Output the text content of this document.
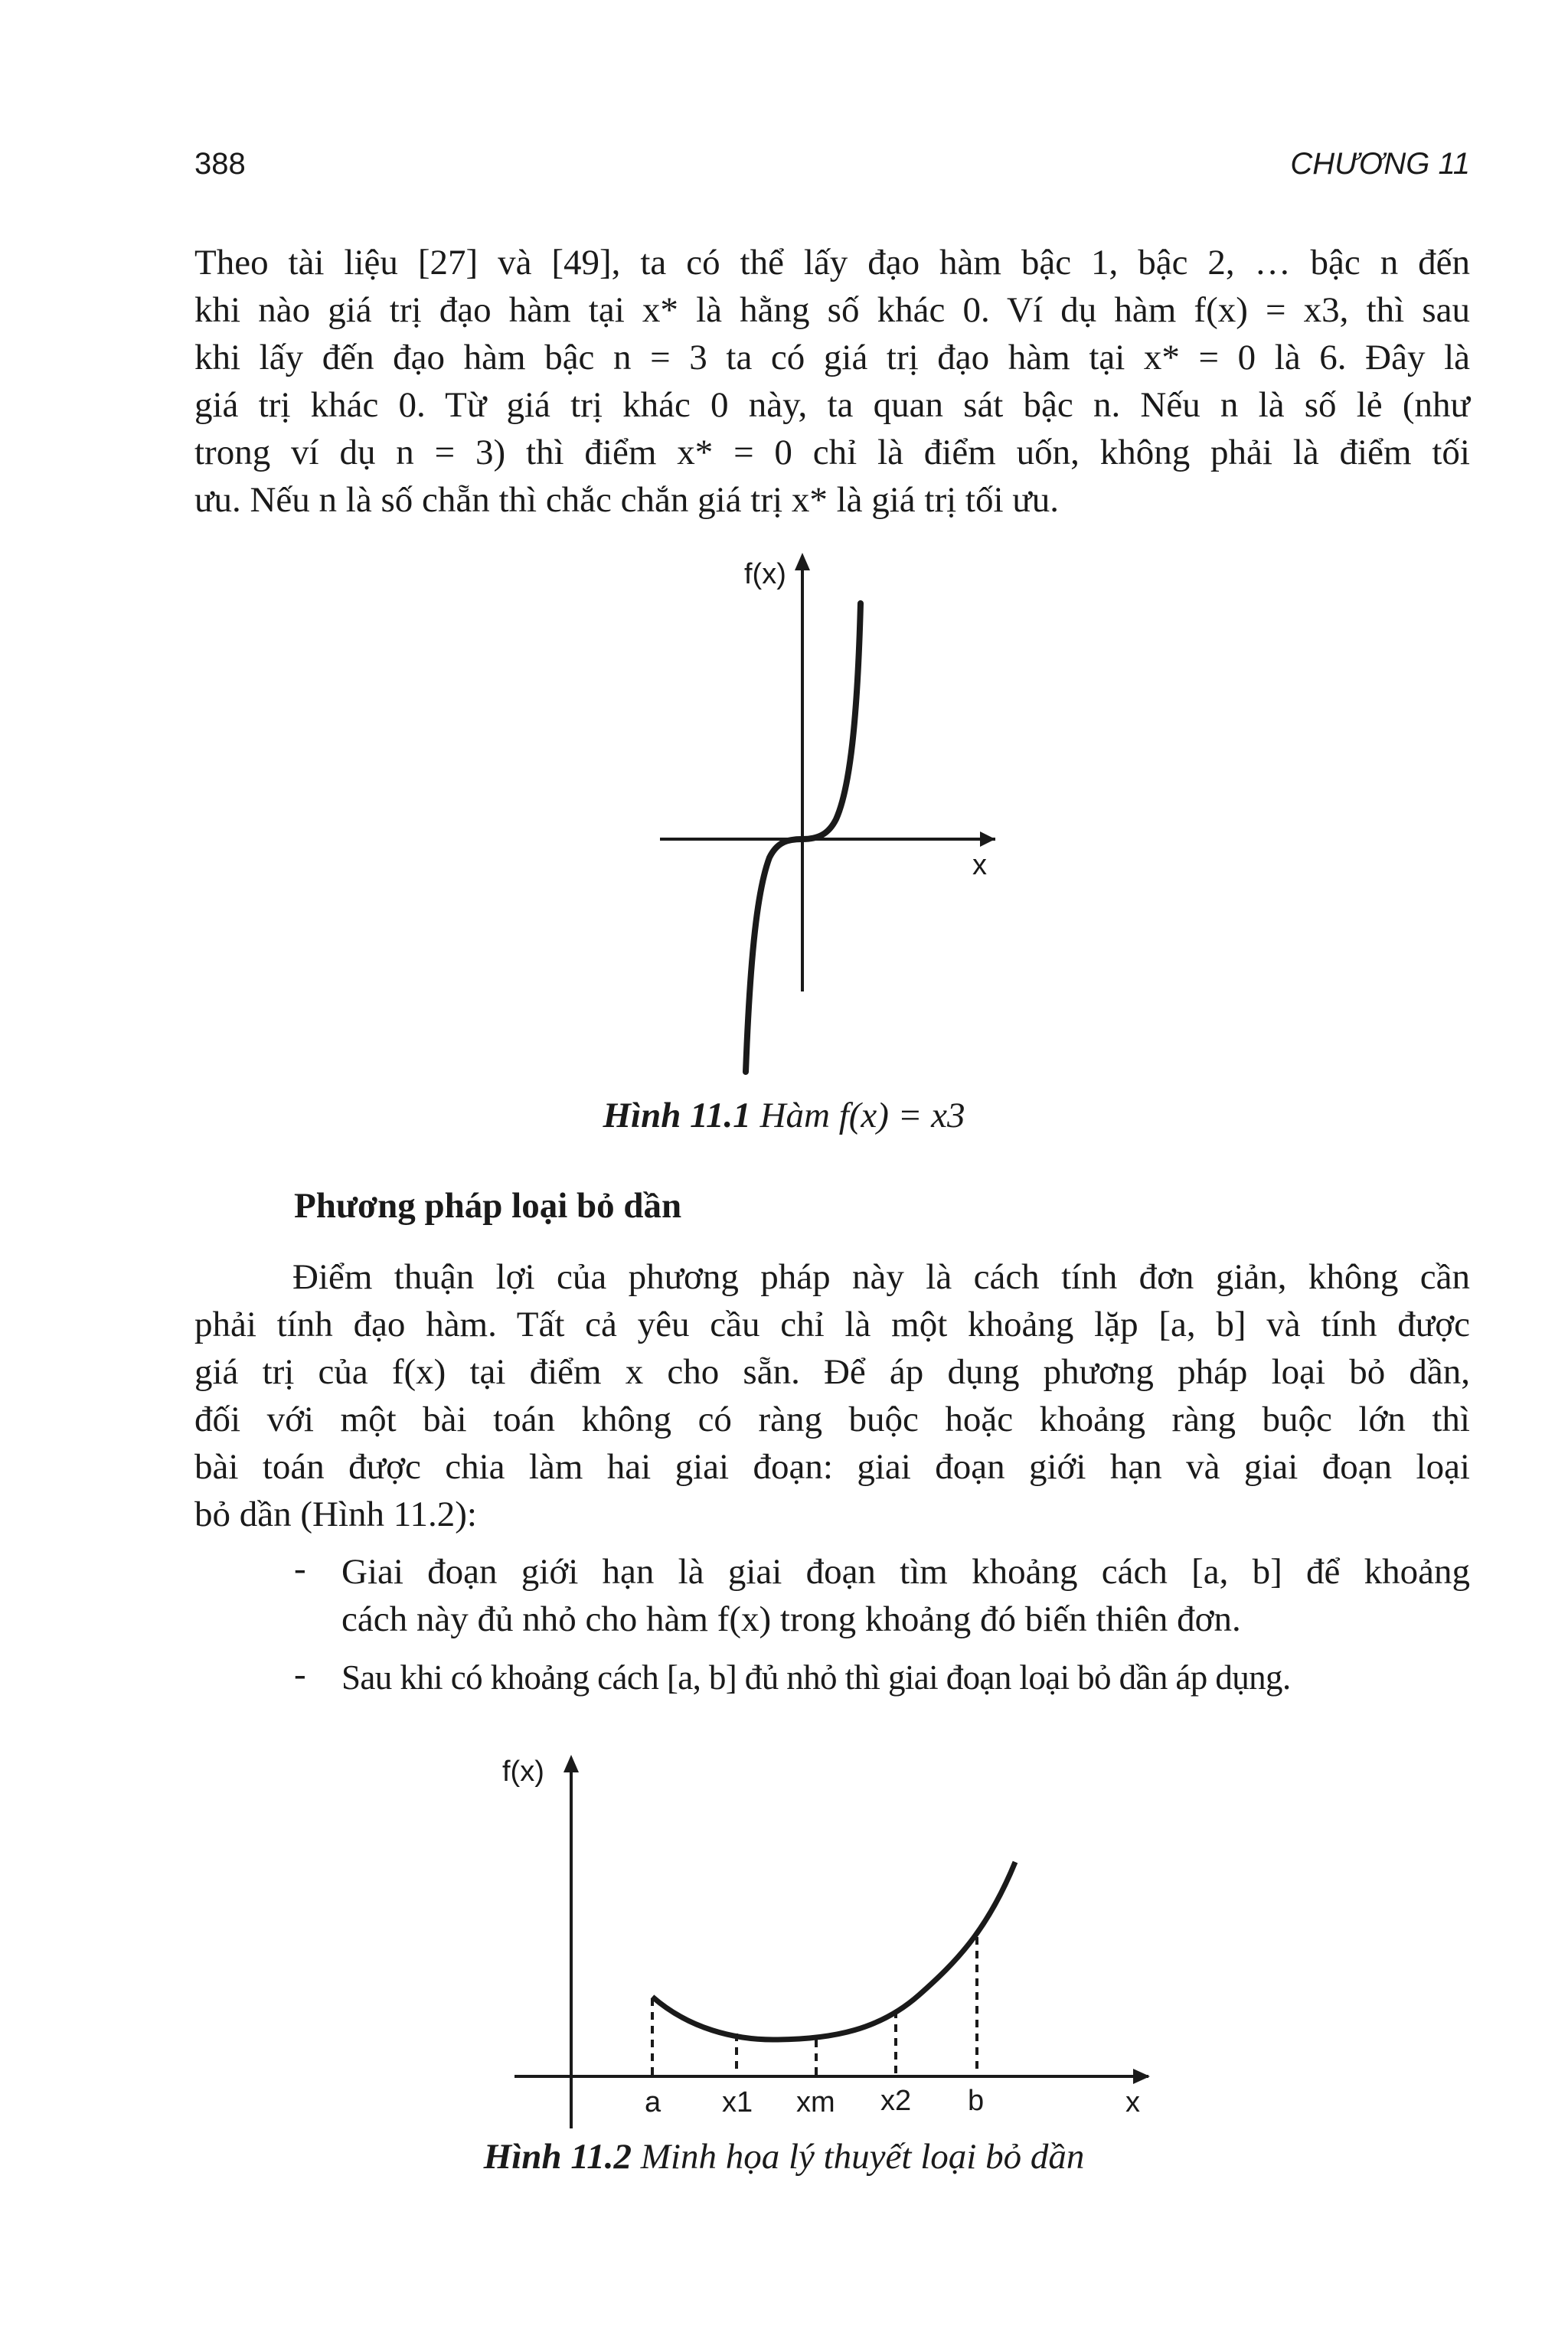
388	CHƯƠNG 11
Theo tài liệu [27] và [49], ta có thể lấy đạo hàm bậc 1, bậc 2, … bậc n đến
khi nào giá trị đạo hàm tại x* là hằng số khác 0. Ví dụ hàm f(x) = x3, thì sau
khi lấy đến đạo hàm bậc n = 3 ta có giá trị đạo hàm tại x* = 0 là 6. Đây là
giá trị khác 0. Từ giá trị khác 0 này, ta quan sát bậc n. Nếu n là số lẻ (như
trong ví dụ n = 3) thì điểm x* = 0 chỉ là điểm uốn, không phải là điểm tối
ưu. Nếu n là số chẵn thì chắc chắn giá trị x* là giá trị tối ưu.
f(x)
x
f(x)
x
a x1 xm x2 b
Hình 11.1 Hàm f(x) = x3
Phương pháp loại bỏ dần
Điểm thuận lợi của phương pháp này là cách tính đơn giản, không cần
phải tính đạo hàm. Tất cả yêu cầu chỉ là một khoảng lặp [a, b] và tính được
giá trị của f(x) tại điểm x cho sẵn. Để áp dụng phương pháp loại bỏ dần,
đối với một bài toán không có ràng buộc hoặc khoảng ràng buộc lớn thì
bài toán được chia làm hai giai đoạn: giai đoạn giới hạn và giai đoạn loại
bỏ dần (Hình 11.2):
- Giai đoạn giới hạn là giai đoạn tìm khoảng cách [a, b] để khoảng
cách này đủ nhỏ cho hàm f(x) trong khoảng đó biến thiên đơn.
- Sau khi có khoảng cách [a, b] đủ nhỏ thì giai đoạn loại bỏ dần áp dụng.
Hình 11.2 Minh họa lý thuyết loại bỏ dần
